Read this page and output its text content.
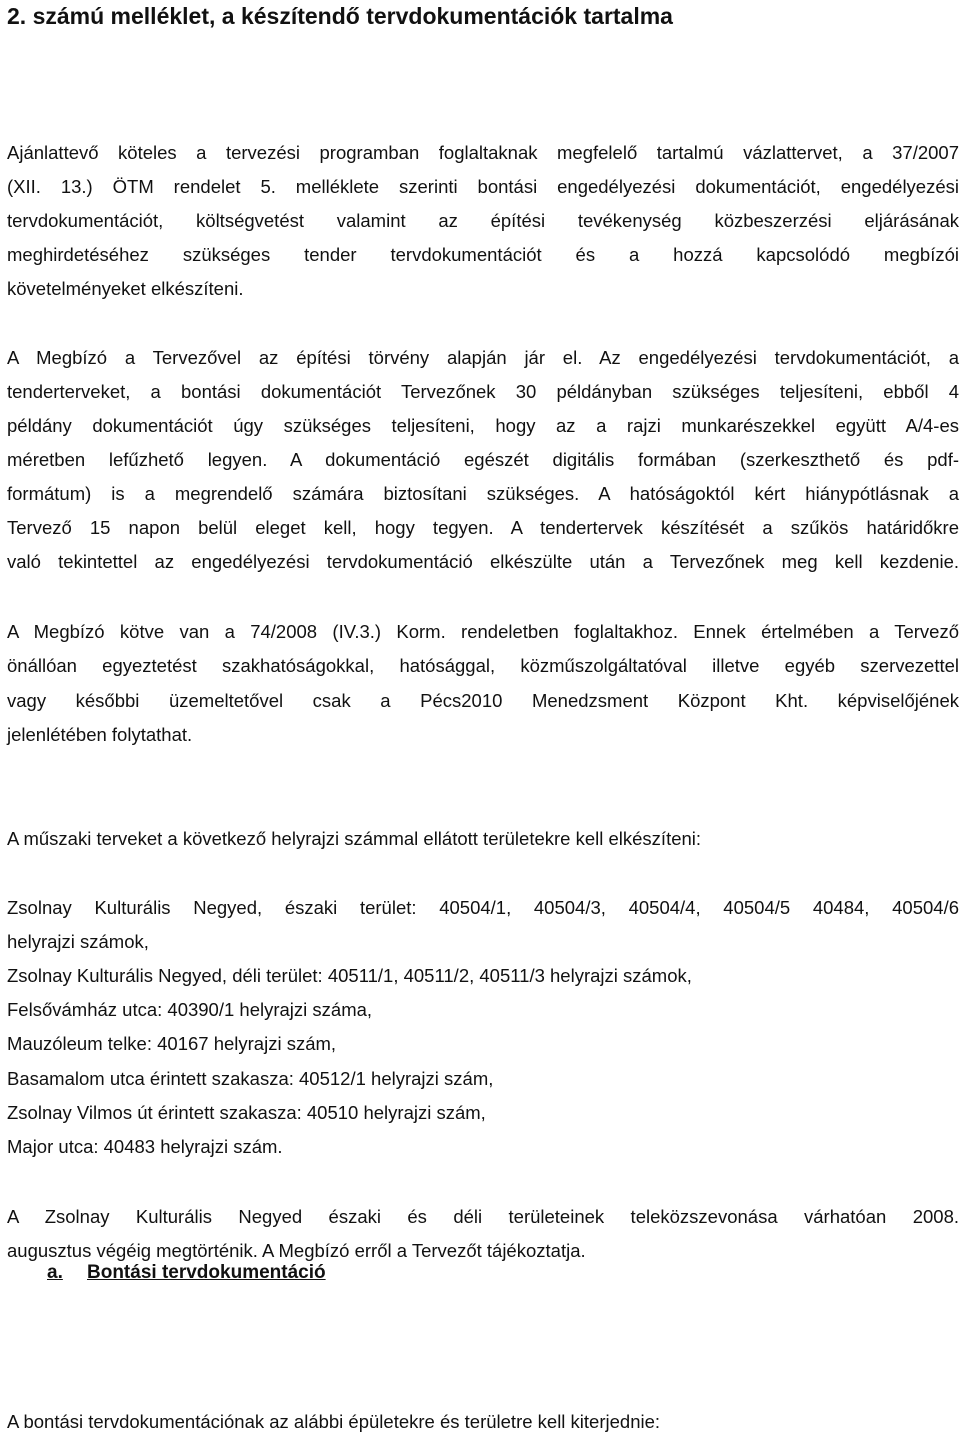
2. számú melléklet, a készítendő tervdokumentációk tartalma

Ajánlattevő köteles a tervezési programban foglaltaknak megfelelő tartalmú vázlattervet, a 37/2007

(XII. 13.) ÖTM rendelet 5. melléklete szerinti bontási engedélyezési dokumentációt, engedélyezési

tervdokumentációt, költségvetést valamint az építési tevékenység közbeszerzési eljárásának

meghirdetéséhez szükséges tender tervdokumentációt és a hozzá kapcsolódó megbízói

követelményeket elkészíteni.

A Megbízó a Tervezővel az építési törvény alapján jár el. Az engedélyezési tervdokumentációt, a

tenderterveket, a bontási dokumentációt Tervezőnek 30 példányban szükséges teljesíteni, ebből 4

példány dokumentációt úgy szükséges teljesíteni, hogy az a rajzi munkarészekkel együtt A/4-es

méretben lefűzhető legyen. A dokumentáció egészét digitális formában (szerkeszthető és pdf-

formátum) is a megrendelő számára biztosítani szükséges. A hatóságoktól kért hiánypótlásnak a

Tervező 15 napon belül eleget kell, hogy tegyen. A tendertervek készítését a szűkös határidőkre

való tekintettel az engedélyezési tervdokumentáció elkészülte után a Tervezőnek meg kell kezdenie.

A Megbízó kötve van a 74/2008 (IV.3.) Korm. rendeletben foglaltakhoz. Ennek értelmében a Tervező

önállóan egyeztetést szakhatóságokkal, hatósággal, közműszolgáltatóval illetve egyéb szervezettel

vagy későbbi üzemeltetővel csak a Pécs2010 Menedzsment Központ Kht. képviselőjének

jelenlétében folytathat.

A műszaki terveket a következő helyrajzi számmal ellátott területekre kell elkészíteni:

Zsolnay Kulturális Negyed, északi terület: 40504/1, 40504/3, 40504/4, 40504/5 40484, 40504/6

helyrajzi számok,

Zsolnay Kulturális Negyed, déli terület: 40511/1, 40511/2, 40511/3 helyrajzi számok,

Felsővámház utca: 40390/1 helyrajzi száma,

Mauzóleum telke: 40167 helyrajzi szám,

Basamalom utca érintett szakasza: 40512/1 helyrajzi szám,

Zsolnay Vilmos út érintett szakasza: 40510 helyrajzi szám,

Major utca: 40483 helyrajzi szám.

A Zsolnay Kulturális Negyed északi és déli területeinek teleközszevonása várhatóan 2008.

augusztus végéig megtörténik. A Megbízó erről a Tervezőt tájékoztatja.

a. Bontási tervdokumentáció

A bontási tervdokumentációnak az alábbi épületekre és területre kell kiterjednie:
